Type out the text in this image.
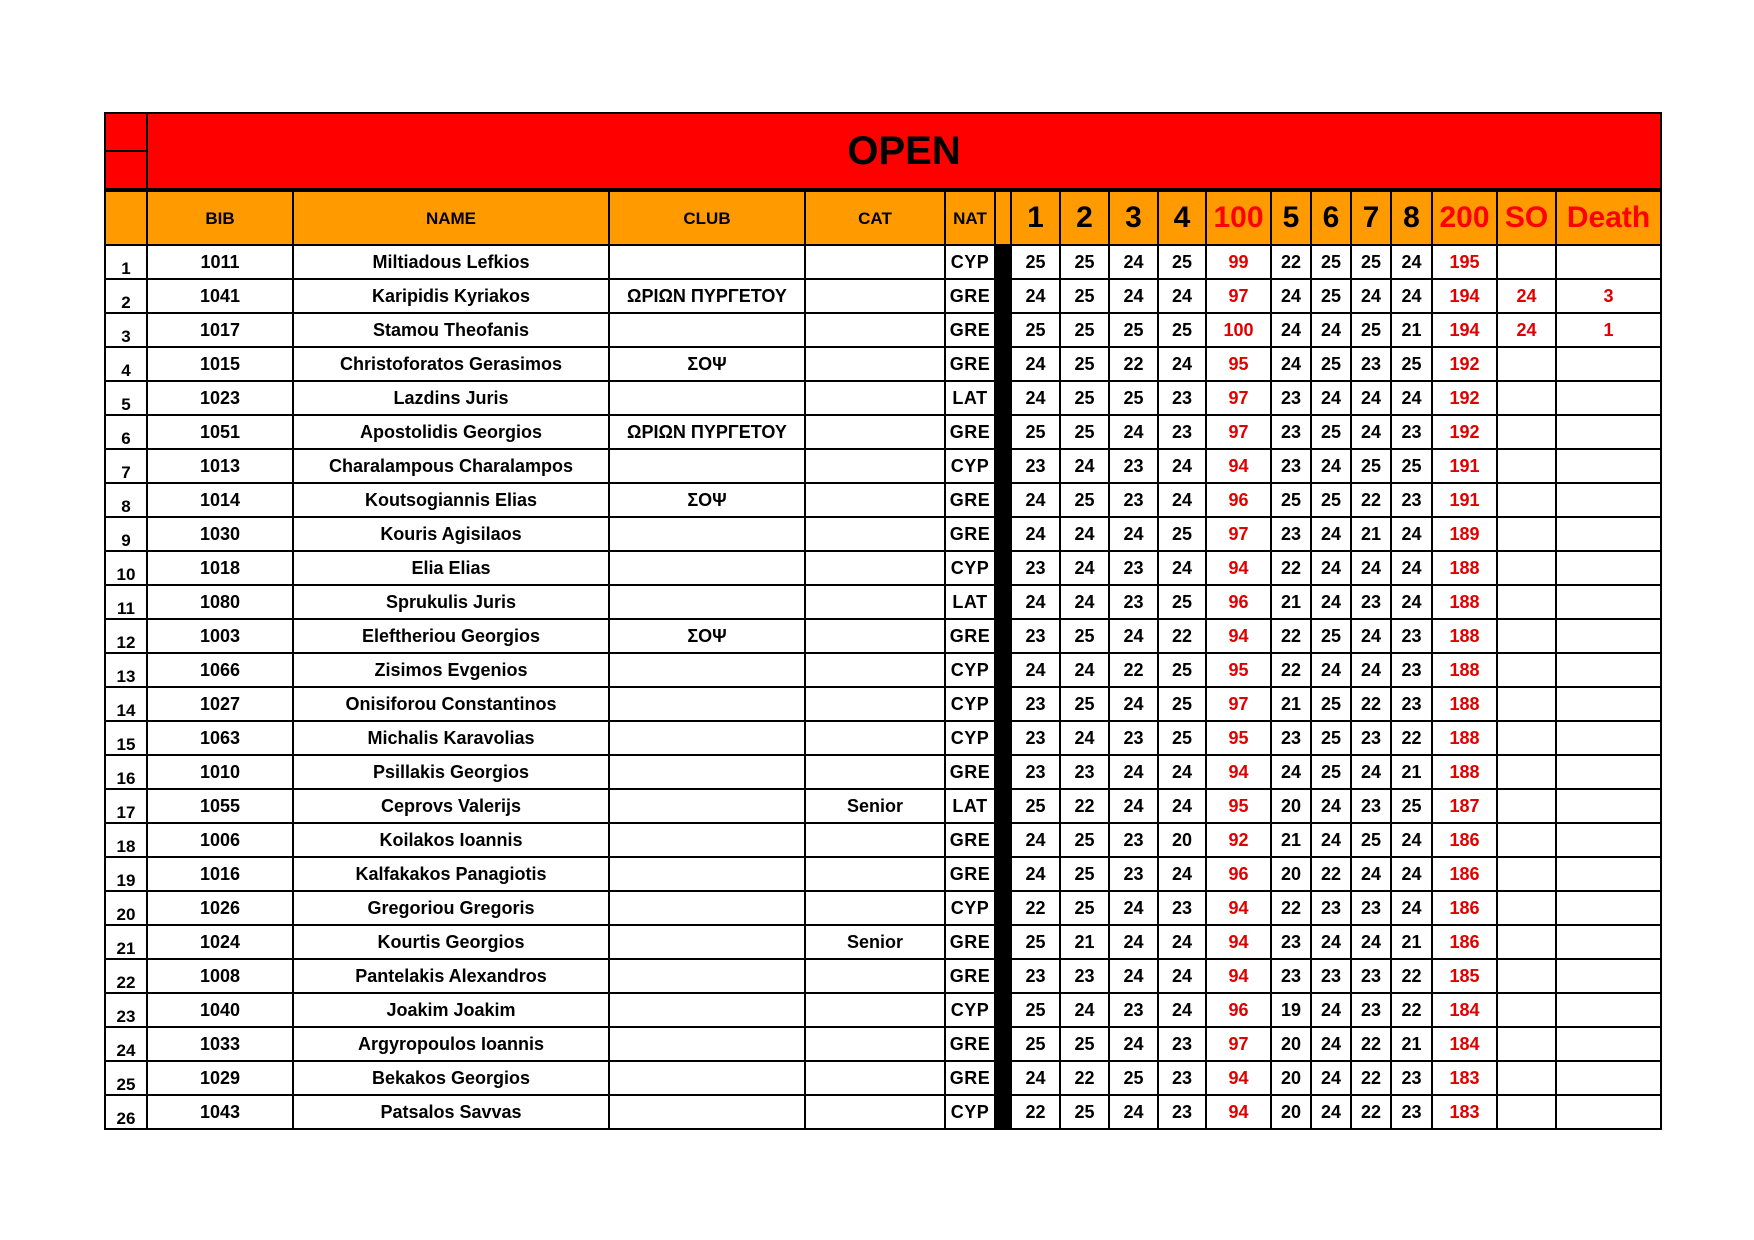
	OPEN																	

	BIB	NAME	CLUB	CAT	NAT		1	2	3	4	100	5	6	7	8	200	SO	Death
1	1011	Miltiadous Lefkios			CYP		25	25	24	25	99	22	25	25	24	195		
2	1041	Karipidis Kyriakos	ΩΡΙΩΝ ΠΥΡΓΕΤΟΥ		GRE		24	25	24	24	97	24	25	24	24	194	24	3
3	1017	Stamou Theofanis			GRE		25	25	25	25	100	24	24	25	21	194	24	1
4	1015	Christoforatos Gerasimos	ΣΟΨ		GRE		24	25	22	24	95	24	25	23	25	192		
5	1023	Lazdins Juris			LAT		24	25	25	23	97	23	24	24	24	192		
6	1051	Apostolidis Georgios	ΩΡΙΩΝ ΠΥΡΓΕΤΟΥ		GRE		25	25	24	23	97	23	25	24	23	192		
7	1013	Charalampous Charalampos			CYP		23	24	23	24	94	23	24	25	25	191		
8	1014	Koutsogiannis Elias	ΣΟΨ		GRE		24	25	23	24	96	25	25	22	23	191		
9	1030	Kouris Agisilaos			GRE		24	24	24	25	97	23	24	21	24	189		
10	1018	Elia Elias			CYP		23	24	23	24	94	22	24	24	24	188		
11	1080	Sprukulis Juris			LAT		24	24	23	25	96	21	24	23	24	188		
12	1003	Eleftheriou Georgios	ΣΟΨ		GRE		23	25	24	22	94	22	25	24	23	188		
13	1066	Zisimos Evgenios			CYP		24	24	22	25	95	22	24	24	23	188		
14	1027	Onisiforou Constantinos			CYP		23	25	24	25	97	21	25	22	23	188		
15	1063	Michalis Karavolias			CYP		23	24	23	25	95	23	25	23	22	188		
16	1010	Psillakis Georgios			GRE		23	23	24	24	94	24	25	24	21	188		
17	1055	Ceprovs Valerijs		Senior	LAT		25	22	24	24	95	20	24	23	25	187		
18	1006	Koilakos Ioannis			GRE		24	25	23	20	92	21	24	25	24	186		
19	1016	Kalfakakos Panagiotis			GRE		24	25	23	24	96	20	22	24	24	186		
20	1026	Gregoriou Gregoris			CYP		22	25	24	23	94	22	23	23	24	186		
21	1024	Kourtis Georgios		Senior	GRE		25	21	24	24	94	23	24	24	21	186		
22	1008	Pantelakis Alexandros			GRE		23	23	24	24	94	23	23	23	22	185		
23	1040	Joakim Joakim			CYP		25	24	23	24	96	19	24	23	22	184		
24	1033	Argyropoulos Ioannis			GRE		25	25	24	23	97	20	24	22	21	184		
25	1029	Bekakos Georgios			GRE		24	22	25	23	94	20	24	22	23	183		
26	1043	Patsalos Savvas			CYP		22	25	24	23	94	20	24	22	23	183		
